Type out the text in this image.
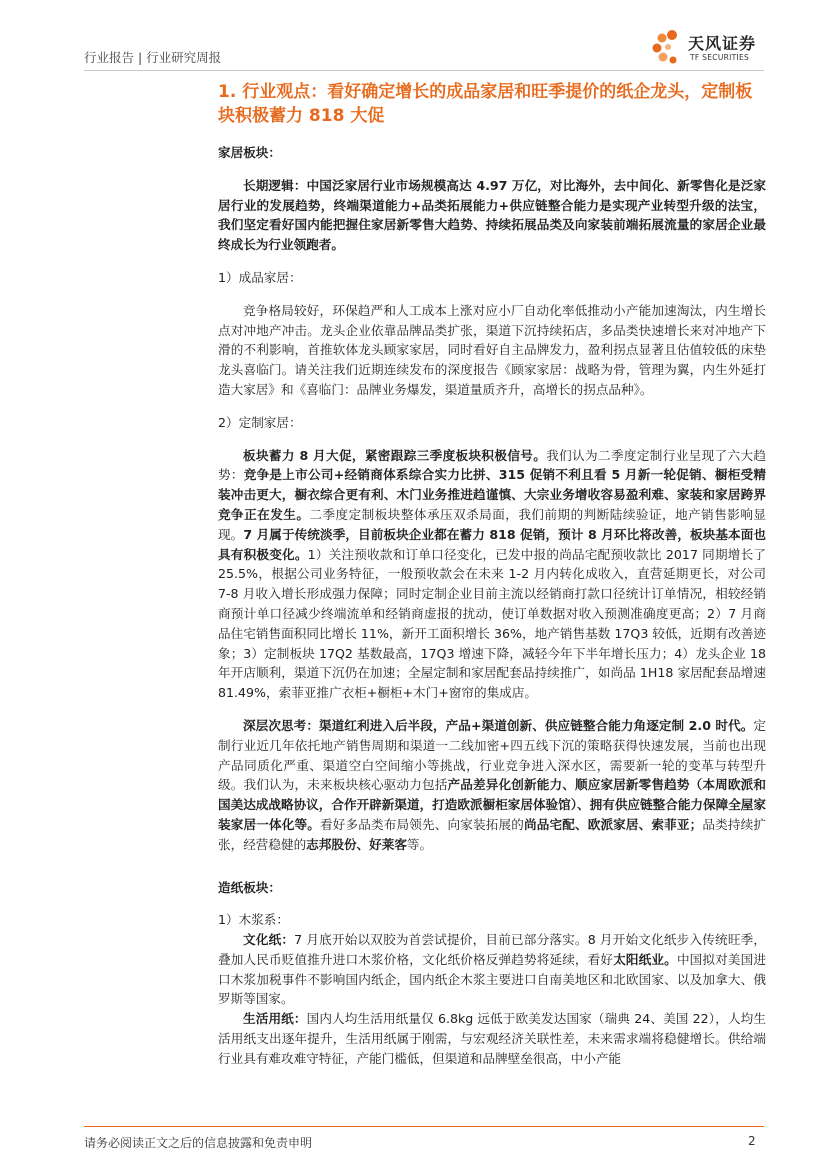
行业报告 | 行业研究周报
天风证券
TF SECURITIES
1. 行业观点：看好确定增长的成品家居和旺季提价的纸企龙头，定制板块积极蓄力 818 大促

家居板块：

长期逻辑：中国泛家居行业市场规模高达 4.97 万亿，对比海外，去中间化、新零售化是泛家居行业的发展趋势，终端渠道能力+品类拓展能力+供应链整合能力是实现产业转型升级的法宝，我们坚定看好国内能把握住家居新零售大趋势、持续拓展品类及向家装前端拓展流量的家居企业最终成长为行业领跑者。

1）成品家居：

竞争格局较好，环保趋严和人工成本上涨对应小厂自动化率低推动小产能加速淘汰，内生增长点对冲地产冲击。龙头企业依靠品牌品类扩张，渠道下沉持续拓店，多品类快速增长来对冲地产下滑的不利影响，首推软体龙头顾家家居，同时看好自主品牌发力，盈利拐点显著且估值较低的床垫龙头喜临门。请关注我们近期连续发布的深度报告《顾家家居：战略为骨，管理为翼，内生外延打造大家居》和《喜临门：品牌业务爆发，渠道量质齐升，高增长的拐点品种》。

2）定制家居：

板块蓄力 8 月大促，紧密跟踪三季度板块积极信号。我们认为二季度定制行业呈现了六大趋势：竞争是上市公司+经销商体系综合实力比拼、315 促销不利且看 5 月新一轮促销、橱柜受精装冲击更大，橱衣综合更有利、木门业务推进趋谨慎、大宗业务增收容易盈利难、家装和家居跨界竞争正在发生。二季度定制板块整体承压双杀局面，我们前期的判断陆续验证，地产销售影响显现。7 月属于传统淡季，目前板块企业都在蓄力 818 促销，预计 8 月环比将改善，板块基本面也具有积极变化。1）关注预收款和订单口径变化，已发中报的尚品宅配预收款比 2017 同期增长了 25.5%，根据公司业务特征，一般预收款会在未来 1-2 月内转化成收入，直营延期更长，对公司 7-8 月收入增长形成强力保障；同时定制企业目前主流以经销商打款口径统计订单情况，相较经销商预计单口径减少终端流单和经销商虚报的扰动，使订单数据对收入预测准确度更高；2）7 月商品住宅销售面积同比增长 11%，新开工面积增长 36%，地产销售基数 17Q3 较低，近期有改善迹象；3）定制板块 17Q2 基数最高，17Q3 增速下降，减轻今年下半年增长压力；4）龙头企业 18 年开店顺利，渠道下沉仍在加速；全屋定制和家居配套品持续推广，如尚品 1H18 家居配套品增速 81.49%，索菲亚推广衣柜+橱柜+木门+窗帘的集成店。

深层次思考：渠道红利进入后半段，产品+渠道创新、供应链整合能力角逐定制 2.0 时代。定制行业近几年依托地产销售周期和渠道一二线加密+四五线下沉的策略获得快速发展，当前也出现产品同质化严重、渠道空白空间缩小等挑战，行业竞争进入深水区，需要新一轮的变革与转型升级。我们认为，未来板块核心驱动力包括产品差异化创新能力、顺应家居新零售趋势（本周欧派和国美达成战略协议，合作开辟新渠道，打造欧派橱柜家居体验馆）、拥有供应链整合能力保障全屋家装家居一体化等。看好多品类布局领先、向家装拓展的尚品宅配、欧派家居、索菲亚；品类持续扩张，经营稳健的志邦股份、好莱客等。

造纸板块：

1）木浆系：

文化纸：7 月底开始以双胶为首尝试提价，目前已部分落实。8 月开始文化纸步入传统旺季，叠加人民币贬值推升进口木浆价格，文化纸价格反弹趋势将延续，看好太阳纸业。中国拟对美国进口木浆加税事件不影响国内纸企，国内纸企木浆主要进口自南美地区和北欧国家、以及加拿大、俄罗斯等国家。

生活用纸：国内人均生活用纸量仅 6.8kg 远低于欧美发达国家（瑞典 24、美国 22），人均生活用纸支出逐年提升，生活用纸属于刚需，与宏观经济关联性差，未来需求端将稳健增长。供给端行业具有难攻难守特征，产能门槛低，但渠道和品牌壁垒很高，中小产能

请务必阅读正文之后的信息披露和免责申明	2
